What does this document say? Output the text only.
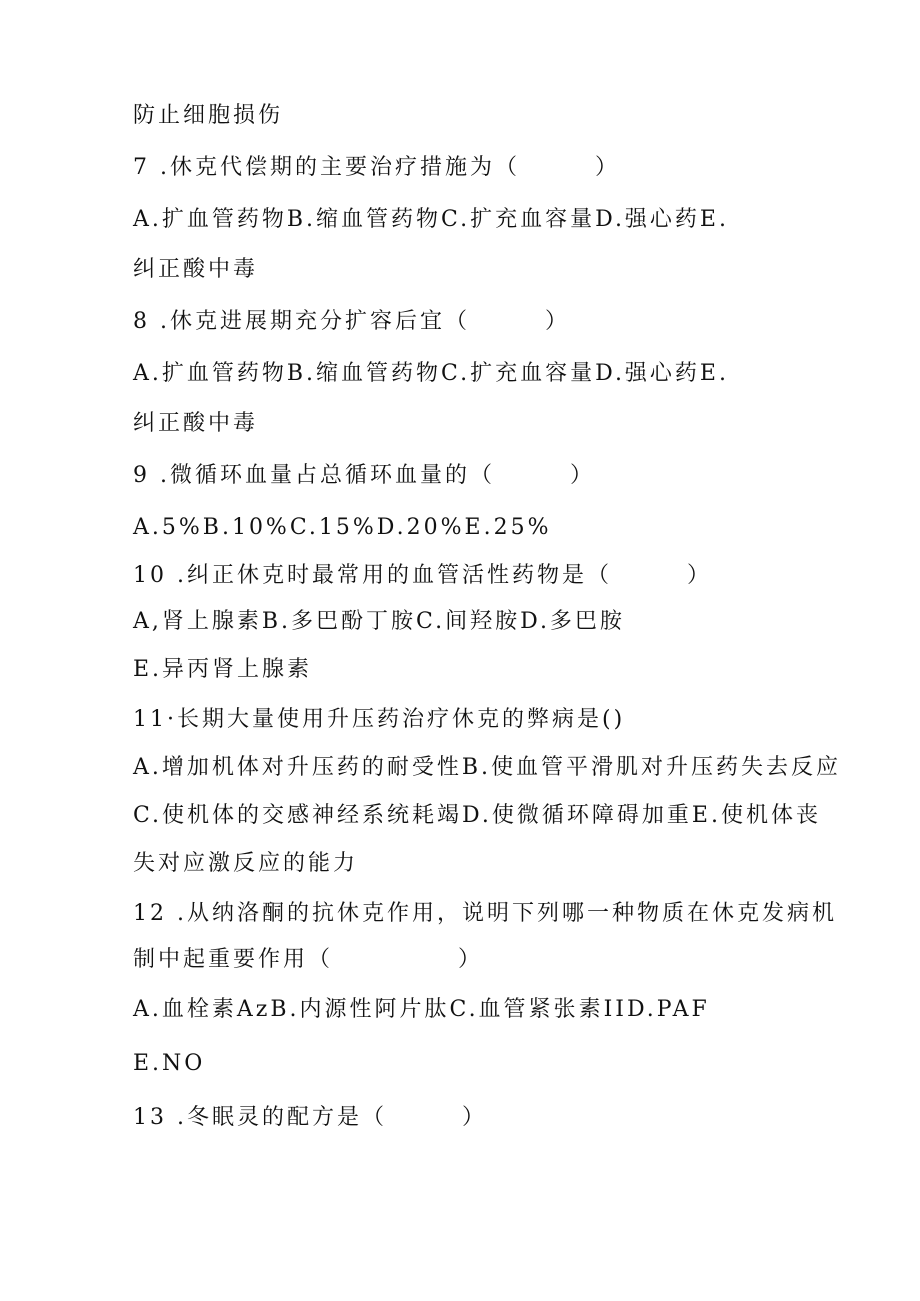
防止细胞损伤
7 .休克代偿期的主要治疗措施为（　　　）
A.扩血管药物B.缩血管药物C.扩充血容量D.强心药E.
纠正酸中毒
8 .休克进展期充分扩容后宜（　　　）
A.扩血管药物B.缩血管药物C.扩充血容量D.强心药E.
纠正酸中毒
9 .微循环血量占总循环血量的（　　　）
A.5%B.10%C.15%D.20%E.25%
10 .纠正休克时最常用的血管活性药物是（　　　）
A,肾上腺素B.多巴酚丁胺C.间羟胺D.多巴胺
E.异丙肾上腺素
11·长期大量使用升压药治疗休克的弊病是()
A.增加机体对升压药的耐受性B.使血管平滑肌对升压药失去反应
C.使机体的交感神经系统耗竭D.使微循环障碍加重E.使机体丧
失对应激反应的能力
12 .从纳洛酮的抗休克作用，说明下列哪一种物质在休克发病机
制中起重要作用（　　　　　）
A.血栓素AzB.内源性阿片肽C.血管紧张素IID.PAF
E.NO
13 .冬眠灵的配方是（　　　）
